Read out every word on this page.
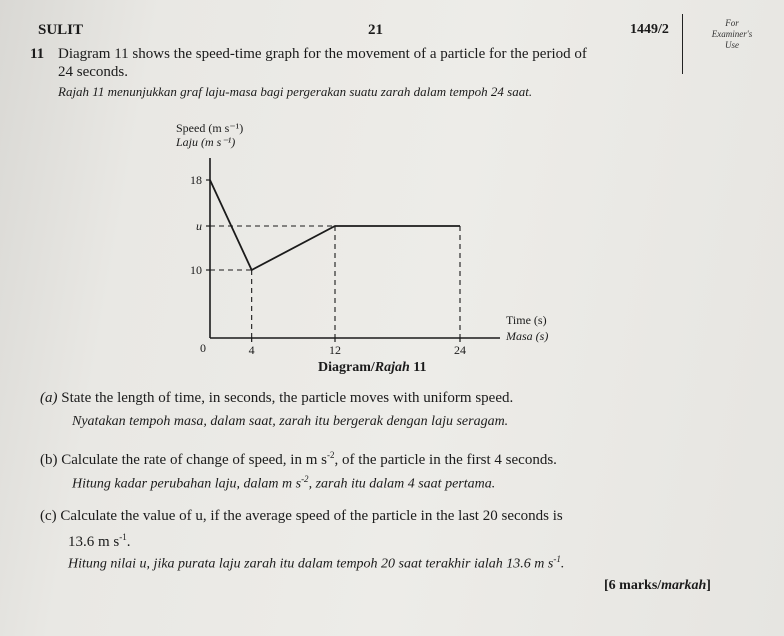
SULIT	21	1449/2	For
Examiner's
Use
11 Diagram 11 shows the speed-time graph for the movement of a particle for the period of
24 seconds.
Rajah 11 menunjukkan graf laju-masa bagi pergerakan suatu zarah dalam tempoh 24 saat.
Speed (m s⁻¹)
Laju (m s⁻¹)
Time (s)
Masa (s)
0
10
u
18
4	12	24
Diagram/Rajah 11
(a) State the length of time, in seconds, the particle moves with uniform speed.
Nyatakan tempoh masa, dalam saat, zarah itu bergerak dengan laju seragam.
(b) Calculate the rate of change of speed, in m $s^{-2}$, of the particle in the first 4 seconds.
Hitung kadar perubahan laju, dalam m $s^{-2}$, zarah itu dalam 4 saat pertama.
(c) Calculate the value of u, if the average speed of the particle in the last 20 seconds is
13.6 m $s^{-1}$.
Hitung nilai u, jika purata laju zarah itu dalam tempoh 20 saat terakhir ialah 13.6 m $s^{-1}$.
[6 marks/markah]
